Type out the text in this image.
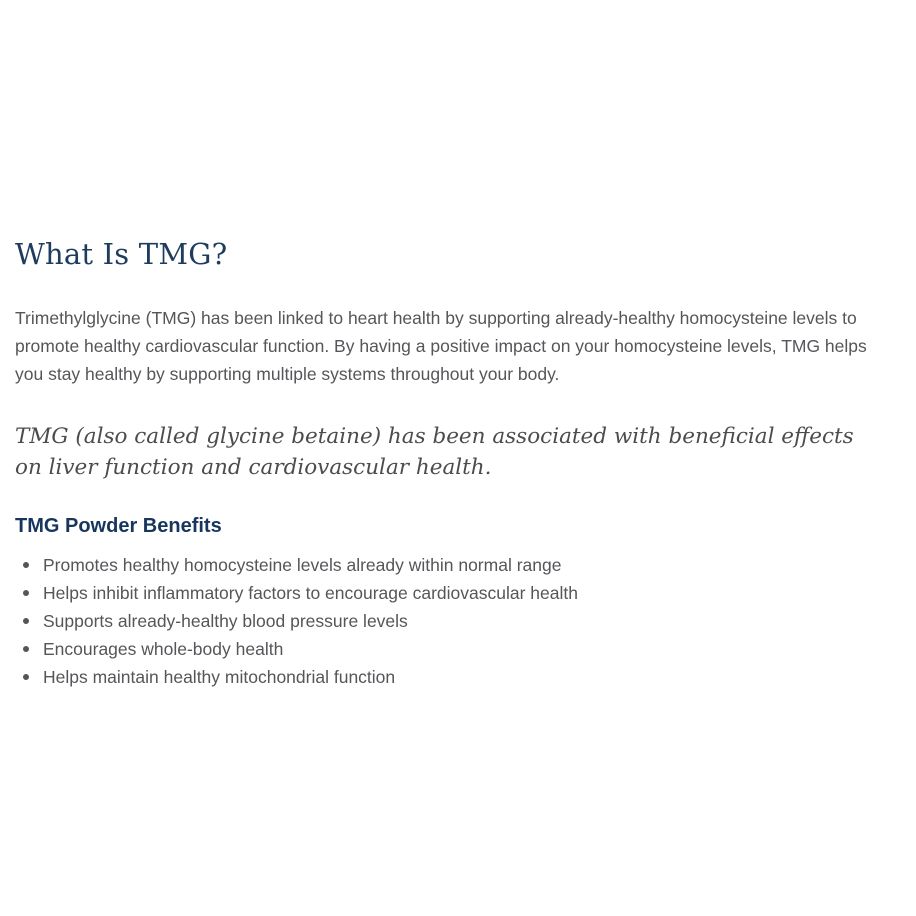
What Is TMG?

Trimethylglycine (TMG) has been linked to heart health by supporting already-healthy homocysteine levels to promote healthy cardiovascular function. By having a positive impact on your homocysteine levels, TMG helps you stay healthy by supporting multiple systems throughout your body.

TMG (also called glycine betaine) has been associated with beneficial effects on liver function and cardiovascular health.

TMG Powder Benefits
Promotes healthy homocysteine levels already within normal range
Helps inhibit inflammatory factors to encourage cardiovascular health
Supports already-healthy blood pressure levels
Encourages whole-body health
Helps maintain healthy mitochondrial function
